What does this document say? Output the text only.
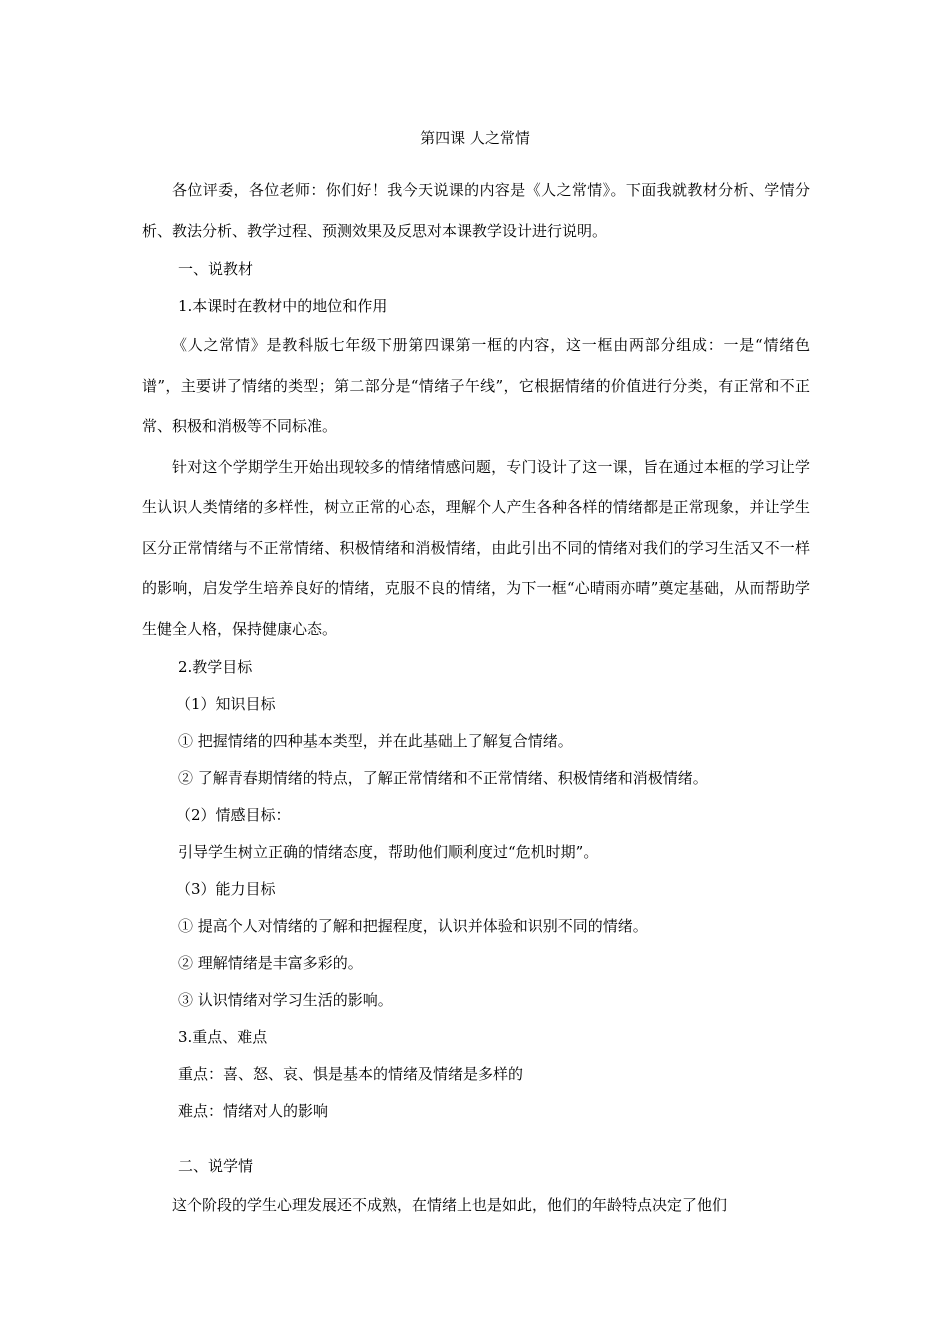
第四课 人之常情

各位评委，各位老师：你们好！我今天说课的内容是《人之常情》。下面我就教材分析、学情分析、教法分析、教学过程、预测效果及反思对本课教学设计进行说明。

一、说教材

1.本课时在教材中的地位和作用

《人之常情》是教科版七年级下册第四课第一框的内容，这一框由两部分组成：一是“情绪色谱”，主要讲了情绪的类型；第二部分是“情绪子午线”，它根据情绪的价值进行分类，有正常和不正常、积极和消极等不同标准。

针对这个学期学生开始出现较多的情绪情感问题，专门设计了这一课，旨在通过本框的学习让学生认识人类情绪的多样性，树立正常的心态，理解个人产生各种各样的情绪都是正常现象，并让学生区分正常情绪与不正常情绪、积极情绪和消极情绪，由此引出不同的情绪对我们的学习生活又不一样的影响，启发学生培养良好的情绪，克服不良的情绪，为下一框“心晴雨亦晴”奠定基础，从而帮助学生健全人格，保持健康心态。

2.教学目标

（1）知识目标

① 把握情绪的四种基本类型，并在此基础上了解复合情绪。

② 了解青春期情绪的特点，了解正常情绪和不正常情绪、积极情绪和消极情绪。

（2）情感目标：

引导学生树立正确的情绪态度，帮助他们顺利度过“危机时期”。

（3）能力目标

① 提高个人对情绪的了解和把握程度，认识并体验和识别不同的情绪。

② 理解情绪是丰富多彩的。

③ 认识情绪对学习生活的影响。

3.重点、难点

重点：喜、怒、哀、惧是基本的情绪及情绪是多样的

难点：情绪对人的影响

二、说学情

这个阶段的学生心理发展还不成熟，在情绪上也是如此，他们的年龄特点决定了他们
